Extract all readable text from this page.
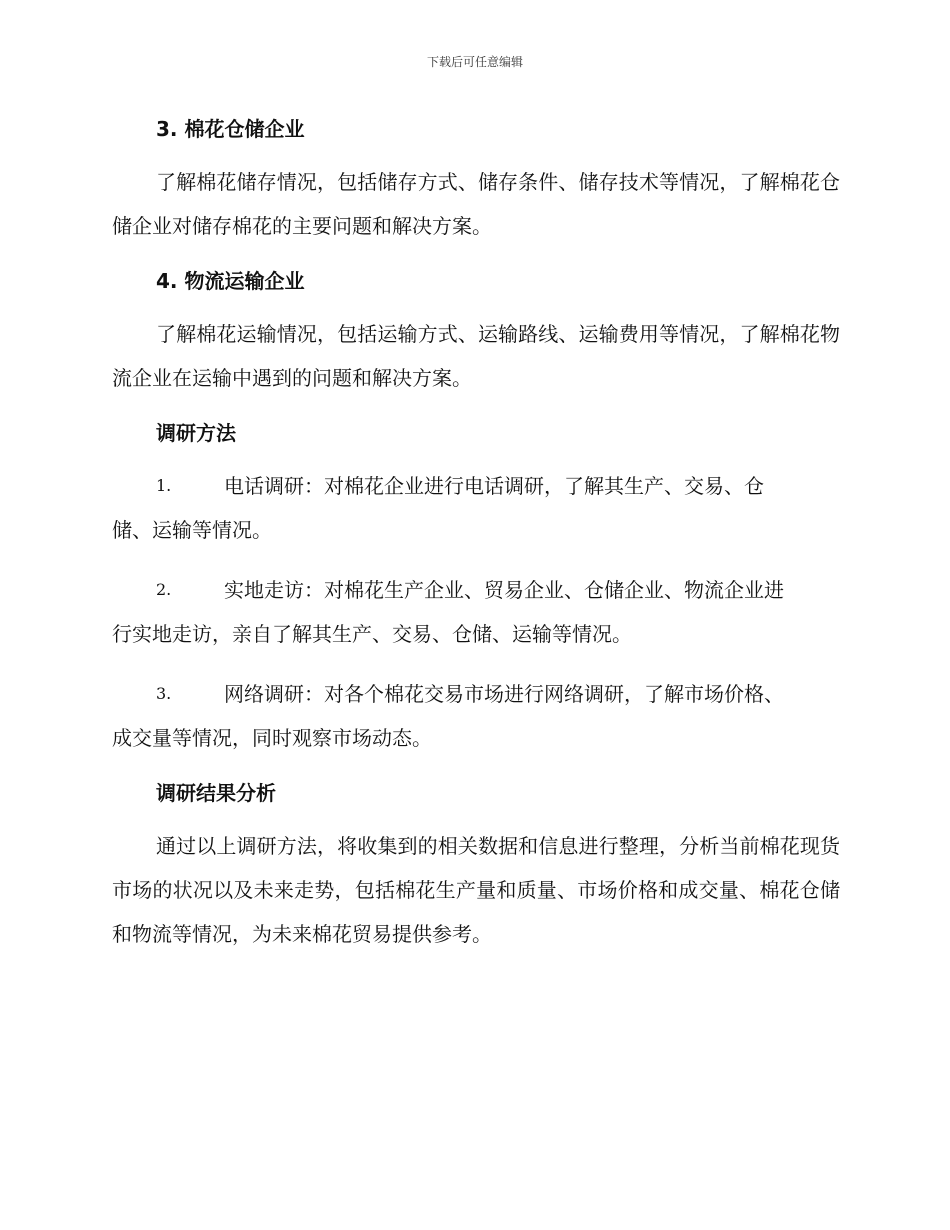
下载后可任意编辑
3. 棉花仓储企业

了解棉花储存情况，包括储存方式、储存条件、储存技术等情况，了解棉花仓储企业对储存棉花的主要问题和解决方案。

4. 物流运输企业

了解棉花运输情况，包括运输方式、运输路线、运输费用等情况，了解棉花物流企业在运输中遇到的问题和解决方案。

调研方法
1.	电话调研：对棉花企业进行电话调研，了解其生产、交易、仓
储、运输等情况。
2.	实地走访：对棉花生产企业、贸易企业、仓储企业、物流企业进
行实地走访，亲自了解其生产、交易、仓储、运输等情况。
3.	网络调研：对各个棉花交易市场进行网络调研，了解市场价格、
成交量等情况，同时观察市场动态。
调研结果分析

通过以上调研方法，将收集到的相关数据和信息进行整理，分析当前棉花现货市场的状况以及未来走势，包括棉花生产量和质量、市场价格和成交量、棉花仓储和物流等情况，为未来棉花贸易提供参考。
